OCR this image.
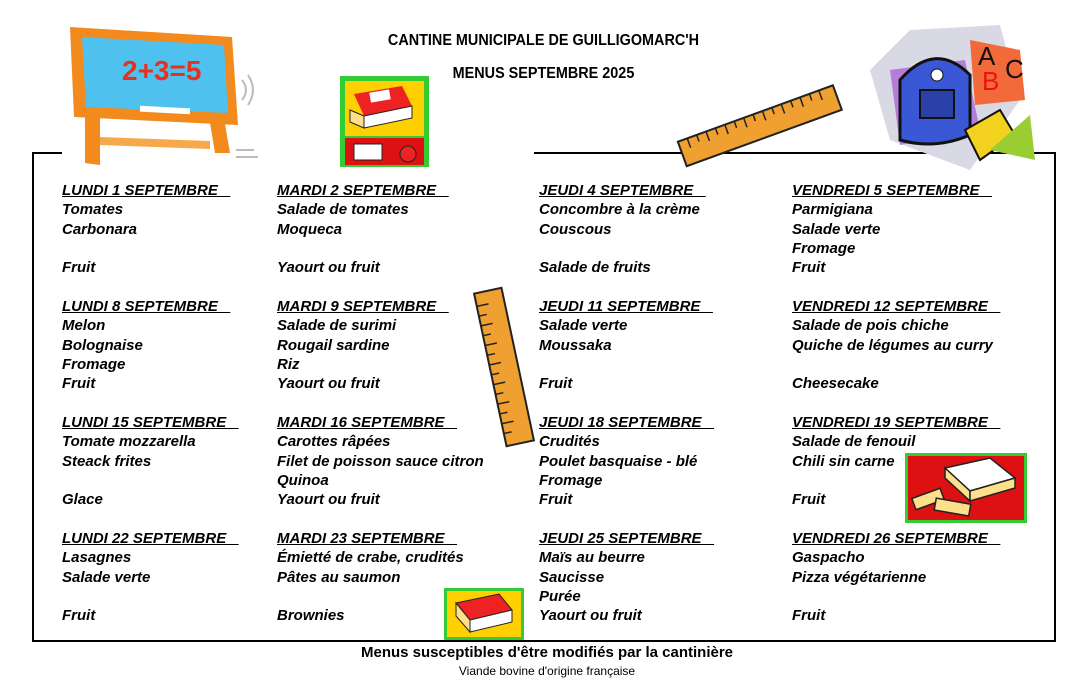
CANTINE MUNICIPALE DE GUILLIGOMARC'H
MENUS SEPTEMBRE 2025
2+3=5	A
B C
LUNDI 1 SEPTEMBRE
Tomates
Carbonara
Fruit
MARDI 2 SEPTEMBRE
Salade de tomates
Moqueca
Yaourt ou fruit
JEUDI 4 SEPTEMBRE
Concombre à la crème
Couscous
Salade de fruits
VENDREDI 5 SEPTEMBRE
Parmigiana
Salade verte
Fromage
Fruit
LUNDI 8 SEPTEMBRE
Melon
Bolognaise
Fromage
Fruit
MARDI 9 SEPTEMBRE
Salade de surimi
Rougail sardine
Riz
Yaourt ou fruit
JEUDI 11 SEPTEMBRE
Salade verte
Moussaka
Fruit
VENDREDI 12 SEPTEMBRE
Salade de pois chiche
Quiche de légumes au curry
Cheesecake
LUNDI 15 SEPTEMBRE
Tomate mozzarella
Steack frites
Glace
MARDI 16 SEPTEMBRE
Carottes râpées
Filet de poisson sauce citron
Quinoa
Yaourt ou fruit
JEUDI 18 SEPTEMBRE
Crudités
Poulet basquaise - blé
Fromage
Fruit
VENDREDI 19 SEPTEMBRE
Salade de fenouil
Chili sin carne
Fruit
LUNDI 22 SEPTEMBRE
Lasagnes
Salade verte
Fruit
MARDI 23 SEPTEMBRE
Émietté de crabe, crudités
Pâtes au saumon
Brownies
JEUDI 25 SEPTEMBRE
Maïs au beurre
Saucisse
Purée
Yaourt ou fruit
VENDREDI 26 SEPTEMBRE
Gaspacho
Pizza végétarienne
Fruit
Menus susceptibles d'être modifiés par la cantinière
Viande bovine d'origine française
